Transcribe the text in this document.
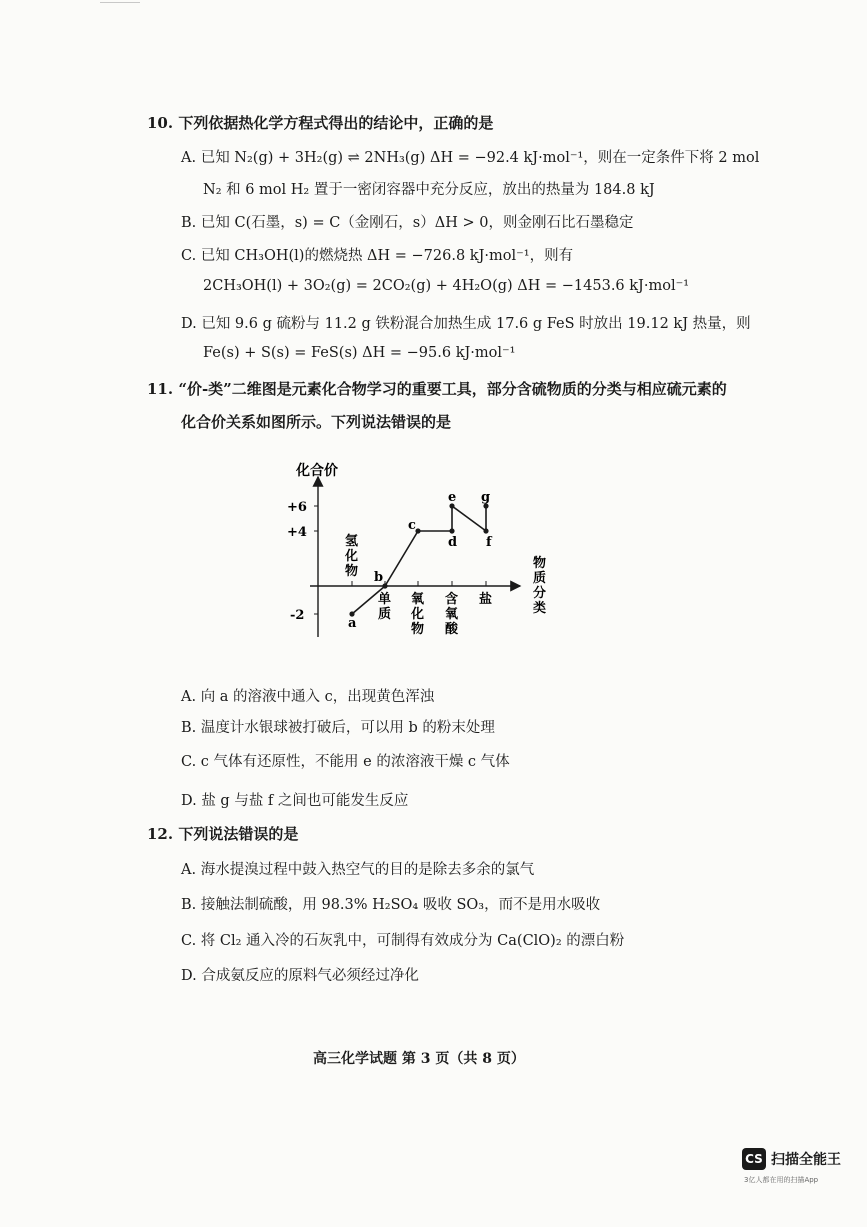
10. 下列依据热化学方程式得出的结论中，正确的是
A. 已知 N₂(g) + 3H₂(g) ⇌ 2NH₃(g) ΔH = −92.4 kJ·mol⁻¹，则在一定条件下将 2 mol
N₂ 和 6 mol H₂ 置于一密闭容器中充分反应，放出的热量为 184.8 kJ
B. 已知 C(石墨，s) = C（金刚石，s）ΔH > 0，则金刚石比石墨稳定
C. 已知 CH₃OH(l)的燃烧热 ΔH = −726.8 kJ·mol⁻¹，则有
2CH₃OH(l) + 3O₂(g) = 2CO₂(g) + 4H₂O(g) ΔH = −1453.6 kJ·mol⁻¹
D. 已知 9.6 g 硫粉与 11.2 g 铁粉混合加热生成 17.6 g FeS 时放出 19.12 kJ 热量，则
Fe(s) + S(s) = FeS(s) ΔH = −95.6 kJ·mol⁻¹
11. “价-类”二维图是元素化合物学习的重要工具，部分含硫物质的分类与相应硫元素的
化合价关系如图所示。下列说法错误的是
化合价
+6
+4
-2
氢化物
单质
氧化物
含氧酸
盐
物质分类
a
b
c
d
e
f
g
A. 向 a 的溶液中通入 c，出现黄色浑浊
B. 温度计水银球被打破后，可以用 b 的粉末处理
C. c 气体有还原性，不能用 e 的浓溶液干燥 c 气体
D. 盐 g 与盐 f 之间也可能发生反应
12. 下列说法错误的是
A. 海水提溴过程中鼓入热空气的目的是除去多余的氯气
B. 接触法制硫酸，用 98.3% H₂SO₄ 吸收 SO₃，而不是用水吸收
C. 将 Cl₂ 通入冷的石灰乳中，可制得有效成分为 Ca(ClO)₂ 的漂白粉
D. 合成氨反应的原料气必须经过净化
高三化学试题 第 3 页（共 8 页）
CS 扫描全能王
3亿人都在用的扫描App
